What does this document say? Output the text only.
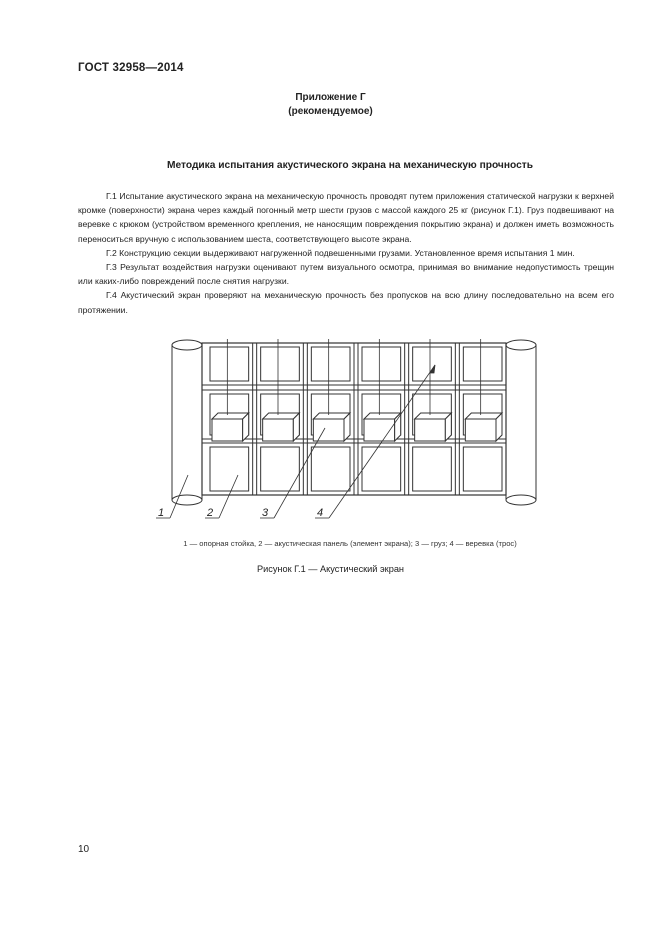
ГОСТ 32958—2014
Приложение Г
(рекомендуемое)
Методика испытания акустического экрана на механическую прочность

Г.1 Испытание акустического экрана на механическую прочность проводят путем приложения статической нагрузки к верхней кромке (поверхности) экрана через каждый погонный метр шести грузов с массой каждого 25 кг (рисунок Г.1). Груз подвешивают на веревке с крюком (устройством временного крепления, не наносящим повреждения покрытию экрана) и должен иметь возможность переноситься вручную с использованием шеста, соответствующего высоте экрана.

Г.2 Конструкцию секции выдерживают нагруженной подвешенными грузами. Установленное время испытания 1 мин.

Г.3 Результат воздействия нагрузки оценивают путем визуального осмотра, принимая во внимание недопустимость трещин или каких-либо повреждений после снятия нагрузки.

Г.4 Акустический экран проверяют на механическую прочность без пропусков на всю длину последовательно на всем его протяжении.

1	2	3	4
1 — опорная стойка, 2 — акустическая панель (элемент экрана); 3 — груз; 4 — веревка (трос)
Рисунок Г.1 — Акустический экран
10
